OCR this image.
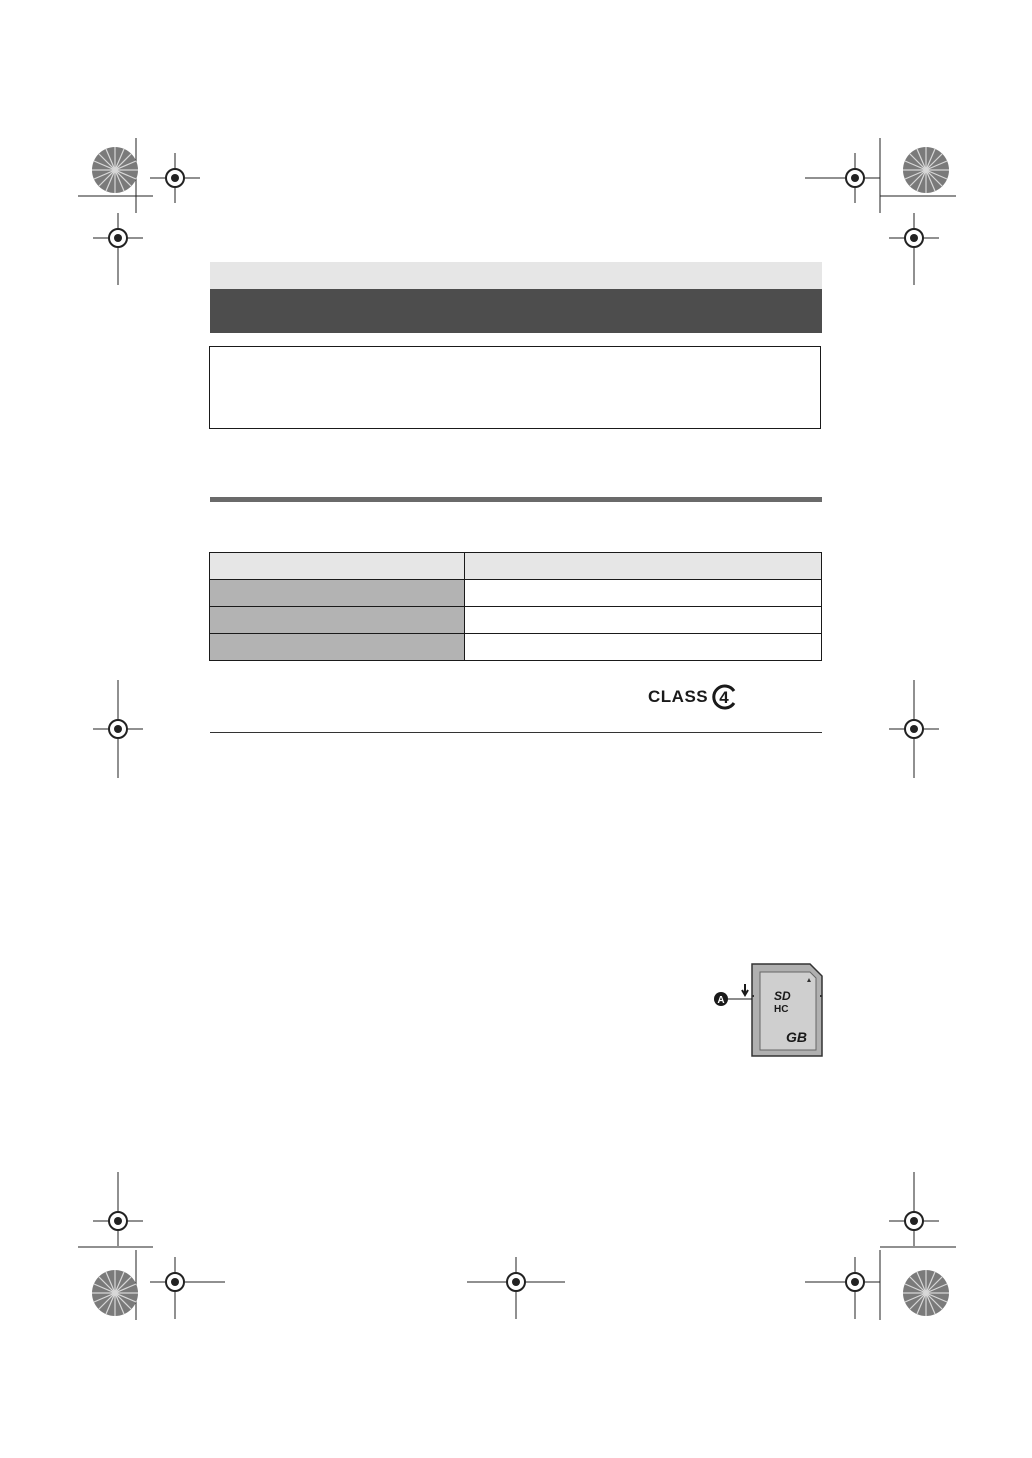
CLASS 4
SD
HC
GB
A
